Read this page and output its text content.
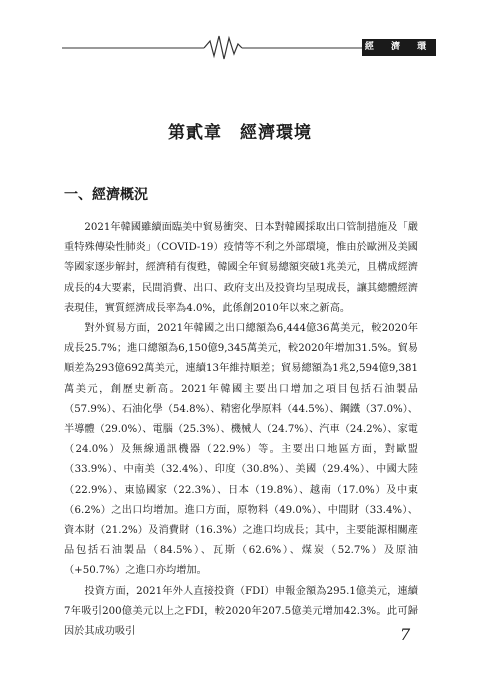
經 濟 環 境
第貳章　經濟環境
一、經濟概況

2021年韓國雖續面臨美中貿易衝突、日本對韓國採取出口管制措施及「嚴重特殊傳染性肺炎」（COVID-19）疫情等不利之外部環境，惟由於歐洲及美國等國家逐步解封，經濟稍有復甦，韓國全年貿易總額突破1兆美元，且構成經濟成長的4大要素，民間消費、出口、政府支出及投資均呈現成長，讓其總體經濟表現佳，實質經濟成長率為4.0%，此係創2010年以來之新高。

對外貿易方面，2021年韓國之出口總額為6,444億36萬美元，較2020年成長25.7%；進口總額為6,150億9,345萬美元，較2020年增加31.5%。貿易順差為293億692萬美元，連續13年維持順差；貿易總額為1兆2,594億9,381萬美元，創歷史新高。2021年韓國主要出口增加之項目包括石油製品（57.9%）、石油化學（54.8%）、精密化學原料（44.5%）、鋼鐵（37.0%）、半導體（29.0%）、電腦（25.3%）、機械人（24.7%）、汽車（24.2%）、家電（24.0%）及無線通訊機器（22.9%）等。主要出口地區方面，對歐盟（33.9%）、中南美（32.4%）、印度（30.8%）、美國（29.4%）、中國大陸（22.9%）、東協國家（22.3%）、日本（19.8%）、越南（17.0%）及中東（6.2%）之出口均增加。進口方面，原物料（49.0%）、中間財（33.4%）、資本財（21.2%）及消費財（16.3%）之進口均成長；其中，主要能源相關產品包括石油製品（84.5%）、瓦斯（62.6%）、煤炭（52.7%）及原油（+50.7%）之進口亦均增加。

投資方面，2021年外人直接投資（FDI）申報金額為295.1億美元，連續7年吸引200億美元以上之FDI，較2020年207.5億美元增加42.3%。此可歸因於其成功吸引	7
